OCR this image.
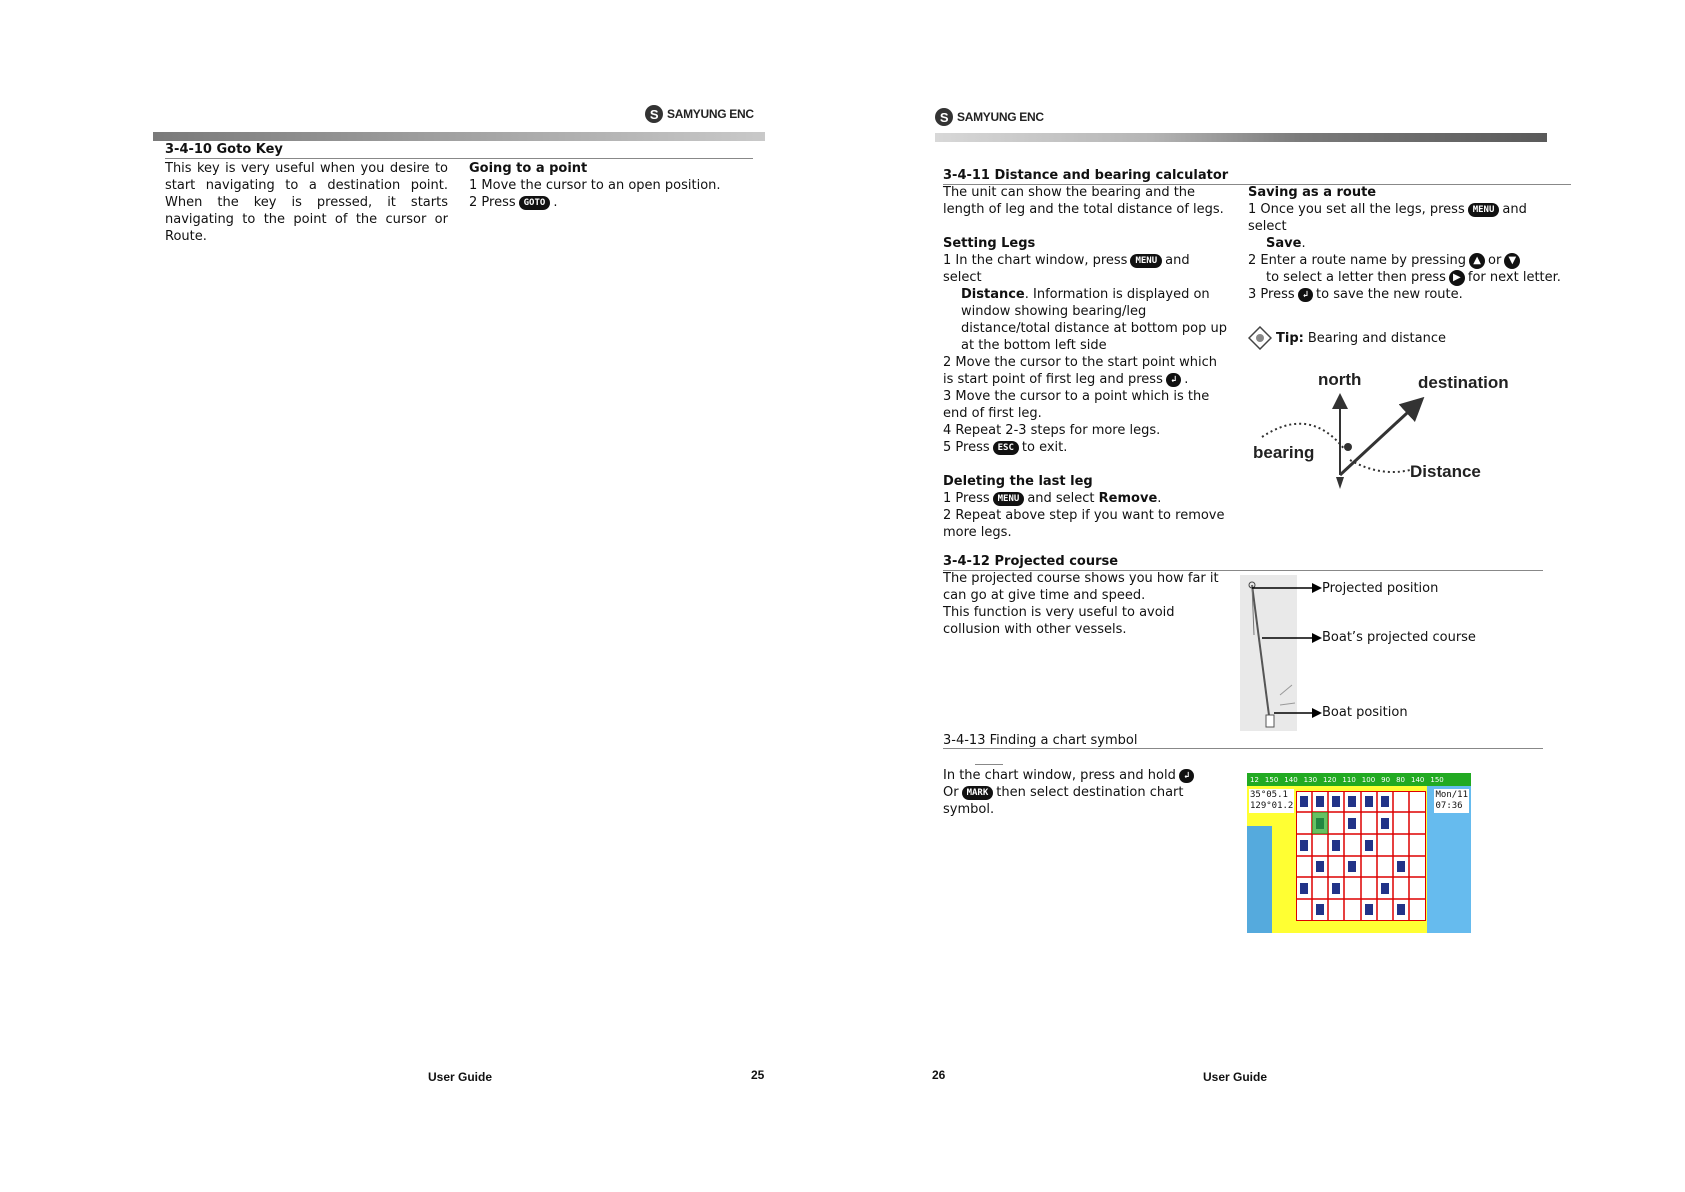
S SAMYUNG ENC
3-4-10 Goto Key

This key is very useful when you desire to start navigating to a destination point. When the key is pressed, it starts navigating to the point of the cursor or Route.

Going to a point

1 Move the cursor to an open position.

2 Press GOTO .

User Guide	25
S SAMYUNG ENC
3-4-11 Distance and bearing calculator

The unit can show the bearing and the length of leg and the total distance of legs.

Setting Legs

1 In the chart window, press MENU and select

Distance. Information is displayed on window showing bearing/leg distance/total distance at bottom pop up at the bottom left side

2 Move the cursor to the start point which is start point of first leg and press ↲ .

3 Move the cursor to a point which is the end of first leg.

4 Repeat 2-3 steps for more legs.

5 Press ESC to exit.

Deleting the last leg

1 Press MENU and select Remove.

2 Repeat above step if you want to remove more legs.

Saving as a route

1 Once you set all the legs, press MENU and select

Save.

2 Enter a route name by pressing ▲ or ▼

to select a letter then press ▶ for next letter.

3 Press ↲ to save the new route.

Tip: Bearing and distance
north	destination
bearing
Distance
3-4-12 Projected course

The projected course shows you how far it can go at give time and speed.

This function is very useful to avoid collusion with other vessels.

Projected position
Boat’s projected course
Boat position
3-4-13 Finding a chart symbol

In the chart window, press and hold ↲

Or MARK then select destination chart symbol.

12 150 140 130 120 110 100 90 80 140 150
35°05.1
129°01.2
Mon/11
07:36
26	User Guide
